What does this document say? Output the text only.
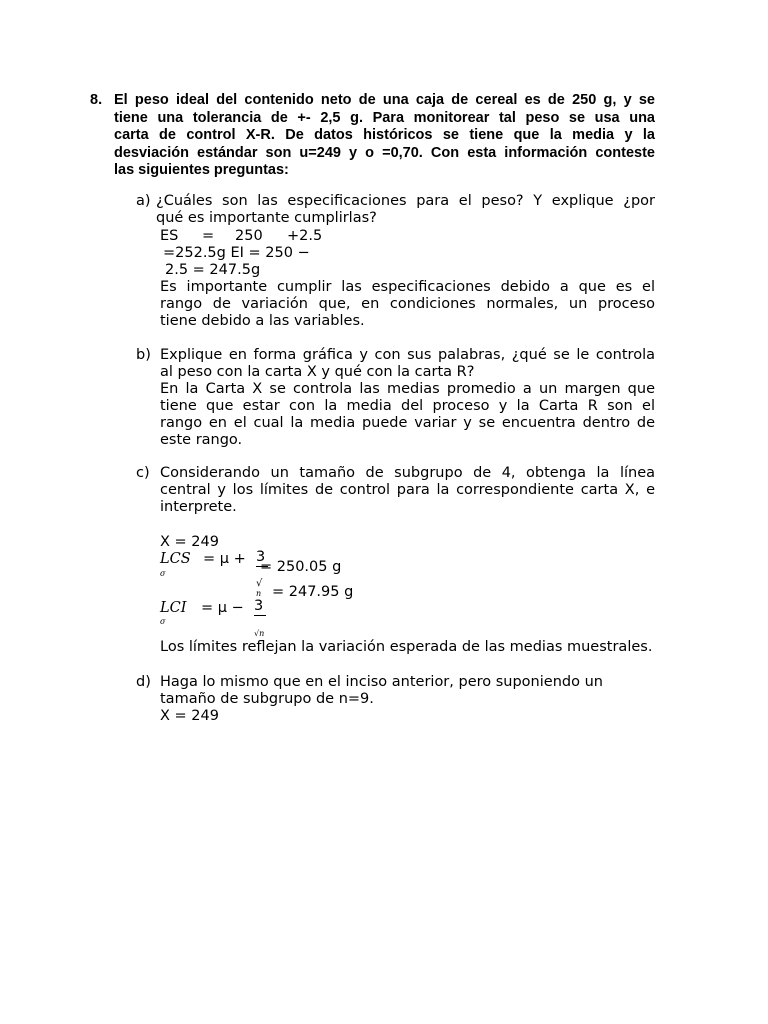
8. El peso ideal del contenido neto de una caja de cereal es de 250 g, y se
tiene una tolerancia de +- 2,5 g. Para monitorear tal peso se usa una
carta de control X-R. De datos históricos se tiene que la media y la
desviación estándar son u=249 y o =0,70. Con esta información conteste
las siguientes preguntas:
a) ¿Cuáles son las especificaciones para el peso? Y explique ¿por
qué es importante cumplirlas?
ES = 250 +2.5
=252.5g EI = 250 −
2.5 = 247.5g
Es importante cumplir las especificaciones debido a que es el
rango de variación que, en condiciones normales, un proceso
tiene debido a las variables.
b) Explique en forma gráfica y con sus palabras, ¿qué se le controla
al peso con la carta X y qué con la carta R?
En la Carta X se controla las medias promedio a un margen que
tiene que estar con la media del proceso y la Carta R son el
rango en el cual la media puede variar y se encuentra dentro de
este rango.
c) Considerando un tamaño de subgrupo de 4, obtenga la línea
central y los límites de control para la correspondiente carta X, e
interprete.
X = 249
LCS = μ + 3
= 250.05 g
σ
√
n = 247.95 g
LCI = μ − 3
σ
√n
Los límites reflejan la variación esperada de las medias muestrales.
d) Haga lo mismo que en el inciso anterior, pero suponiendo un
tamaño de subgrupo de n=9.
X = 249
